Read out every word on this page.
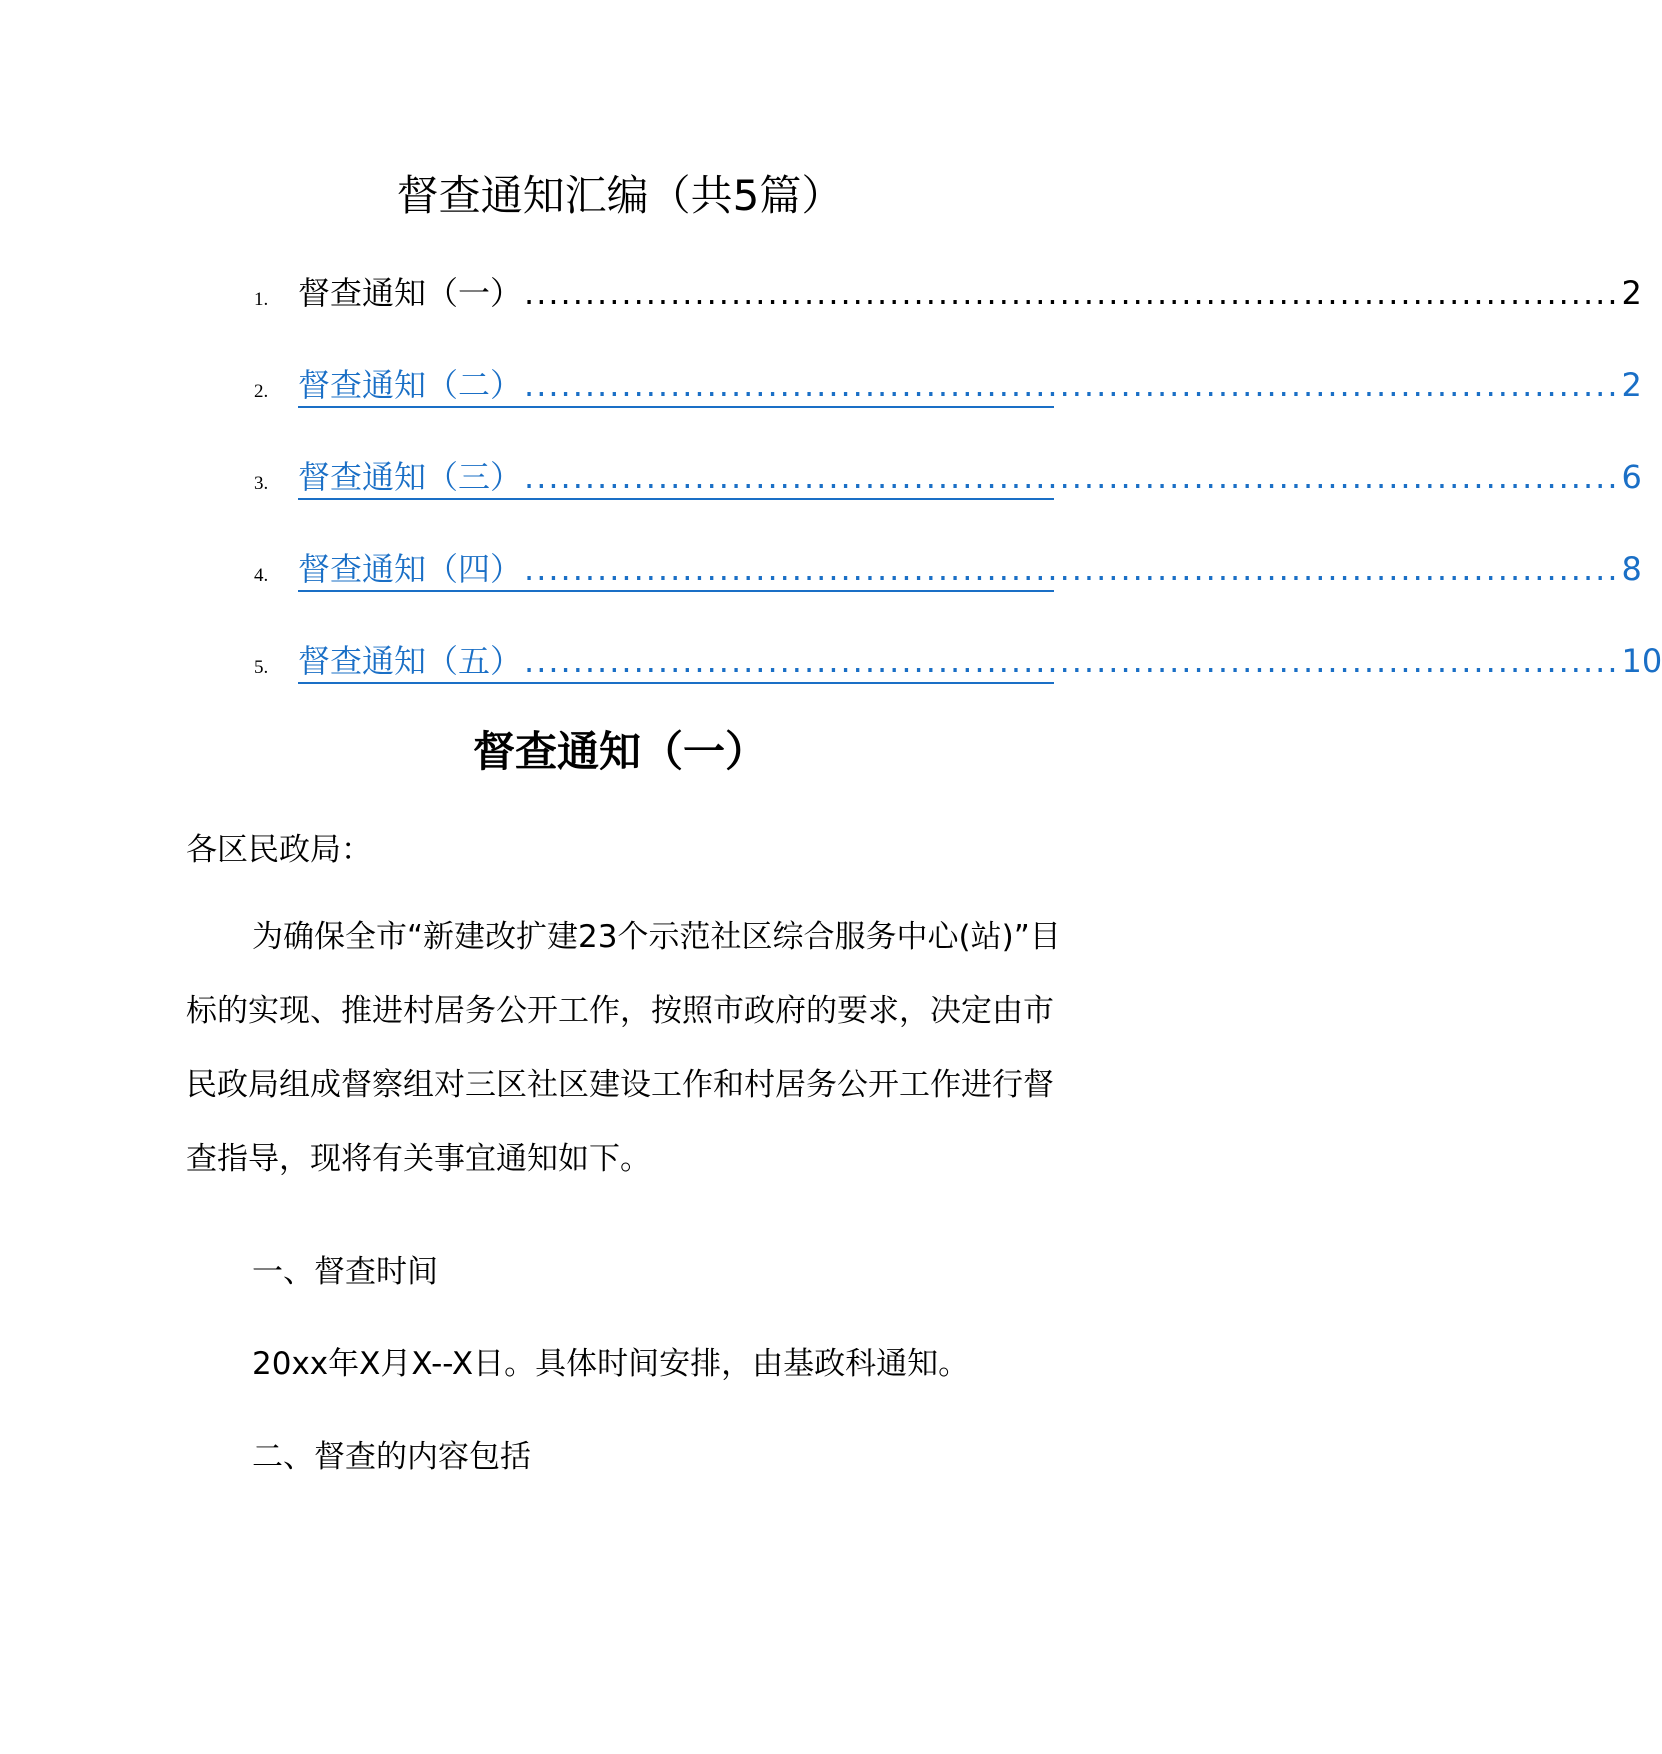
督查通知汇编（共5篇）
1. 督查通知（一） .......................................................................................... 2
2. 督查通知（二） .......................................................................................... 2
3. 督查通知（三） .......................................................................................... 6
4. 督查通知（四） .......................................................................................... 8
5. 督查通知（五） .......................................................................................... 10
督查通知（一）

各区民政局：

为确保全市“新建改扩建23个示范社区综合服务中心(站)”目标的实现、推进村居务公开工作，按照市政府的要求，决定由市民政局组成督察组对三区社区建设工作和村居务公开工作进行督查指导，现将有关事宜通知如下。

一、督查时间

20xx年X月X--X日。具体时间安排，由基政科通知。

二、督查的内容包括
